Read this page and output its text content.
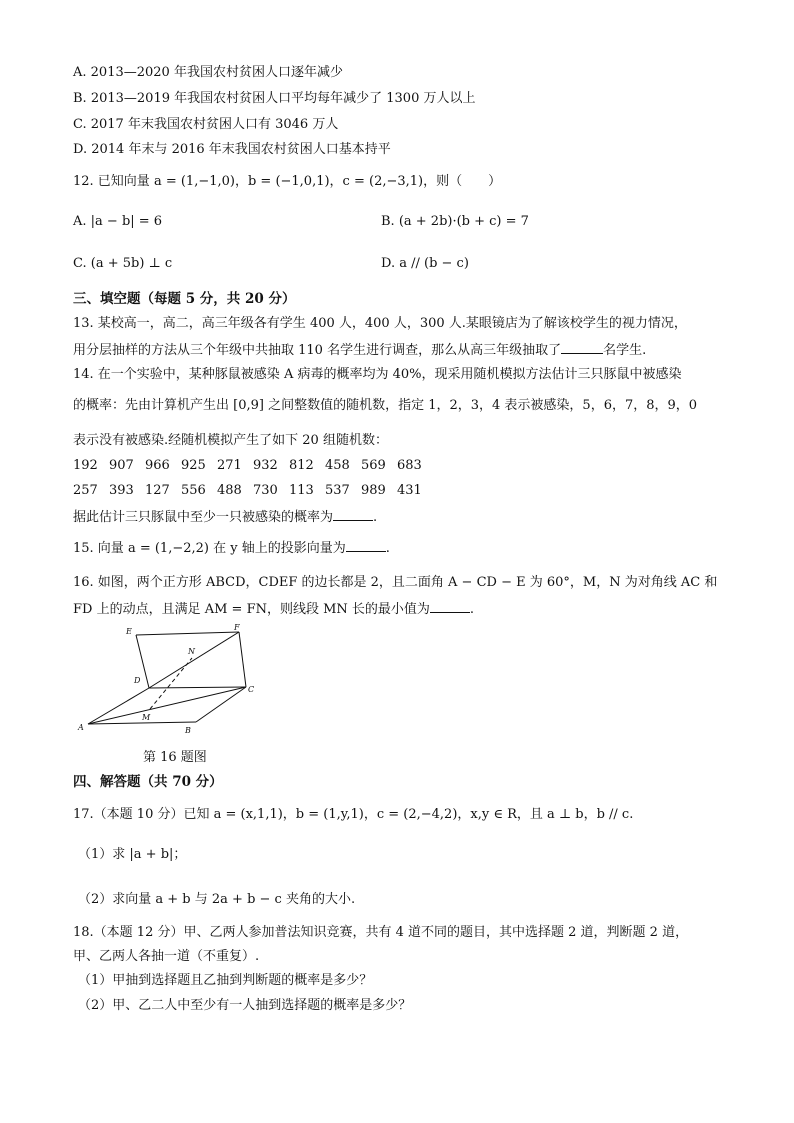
A. 2013—2020 年我国农村贫困人口逐年减少
B. 2013—2019 年我国农村贫困人口平均每年减少了 1300 万人以上
C. 2017 年末我国农村贫困人口有 3046 万人
D. 2014 年末与 2016 年末我国农村贫困人口基本持平
12. 已知向量 a = (1,−1,0)，b = (−1,0,1)，c = (2,−3,1)，则（　　）
A. |a − b| = 6	B. (a + 2b)·(b + c) = 7
C. (a + 5b) ⊥ c	D. a // (b − c)
三、填空题（每题 5 分，共 20 分）
13. 某校高一，高二，高三年级各有学生 400 人，400 人，300 人.某眼镜店为了解该校学生的视力情况，
用分层抽样的方法从三个年级中共抽取 110 名学生进行调查，那么从高三年级抽取了	名学生.
14. 在一个实验中，某种豚鼠被感染 A 病毒的概率均为 40%，现采用随机模拟方法估计三只豚鼠中被感染
的概率：先由计算机产生出 [0,9] 之间整数值的随机数，指定 1，2，3，4 表示被感染，5，6，7，8，9，0
表示没有被感染.经随机模拟产生了如下 20 组随机数：
192 907 966 925 271 932 812 458 569 683
257 393 127 556 488 730 113 537 989 431
据此估计三只豚鼠中至少一只被感染的概率为	.
15. 向量 a = (1,−2,2) 在 y 轴上的投影向量为	.
16. 如图，两个正方形 ABCD，CDEF 的边长都是 2，且二面角 A − CD − E 为 60°，M，N 为对角线 AC 和
FD 上的动点，且满足 AM = FN，则线段 MN 长的最小值为	.
E	F
N
D
C
M
A	B
第 16 题图
四、解答题（共 70 分）
17.（本题 10 分）已知 a = (x,1,1)，b = (1,y,1)，c = (2,−4,2)，x,y ∈ R，且 a ⊥ b，b // c.
（1）求 |a + b|；
（2）求向量 a + b 与 2a + b − c 夹角的大小.
18.（本题 12 分）甲、乙两人参加普法知识竞赛，共有 4 道不同的题目，其中选择题 2 道，判断题 2 道，
甲、乙两人各抽一道（不重复）.
（1）甲抽到选择题且乙抽到判断题的概率是多少？
（2）甲、乙二人中至少有一人抽到选择题的概率是多少？
